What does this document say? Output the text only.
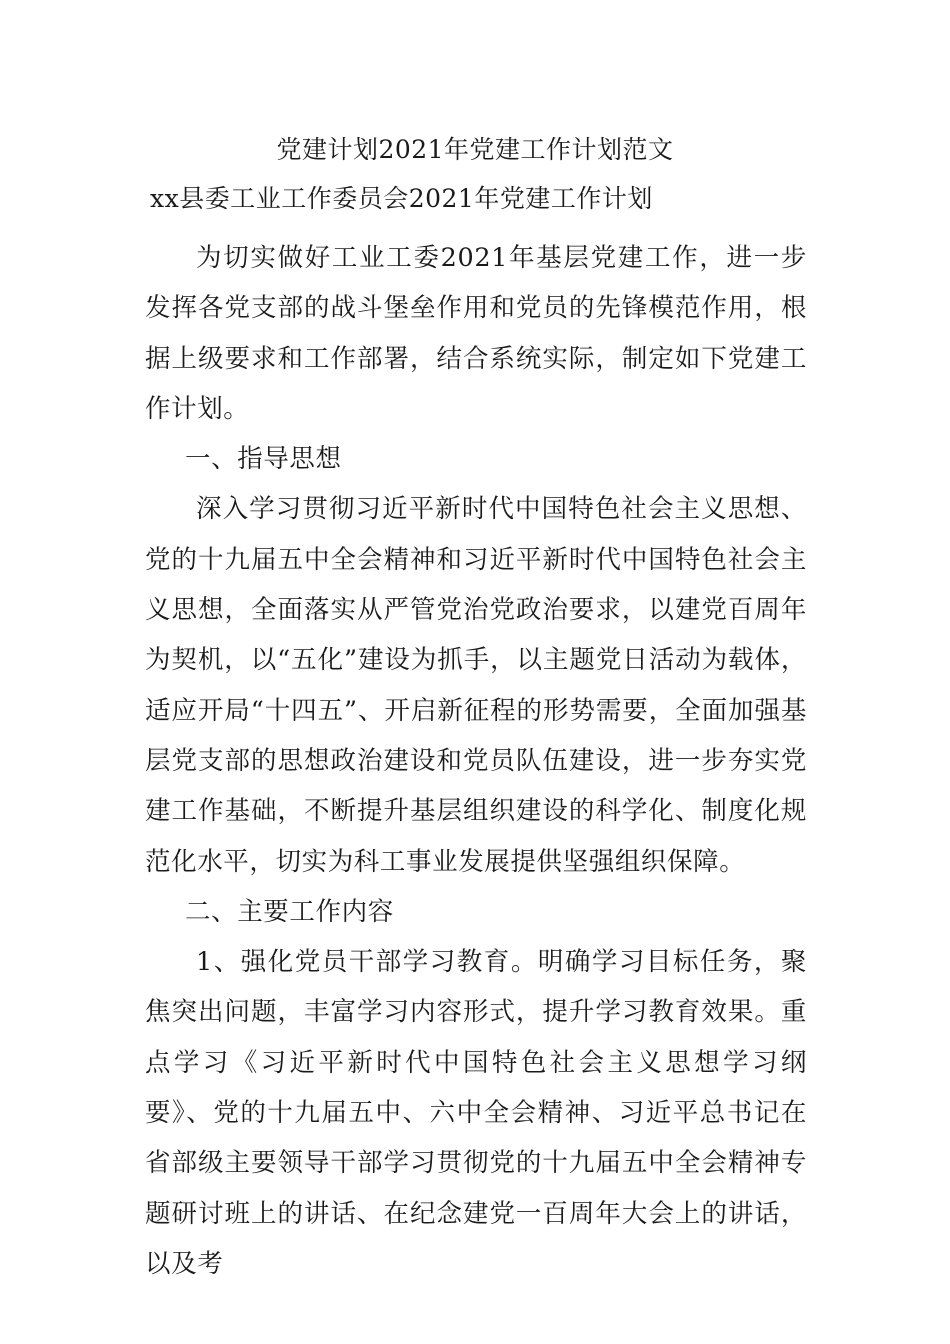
党建计划2021年党建工作计划范文
xx县委工业工作委员会2021年党建工作计划

为切实做好工业工委2021年基层党建工作，进一步发挥各党支部的战斗堡垒作用和党员的先锋模范作用，根据上级要求和工作部署，结合系统实际，制定如下党建工作计划。

一、指导思想

深入学习贯彻习近平新时代中国特色社会主义思想、党的十九届五中全会精神和习近平新时代中国特色社会主义思想，全面落实从严管党治党政治要求，以建党百周年为契机，以“五化”建设为抓手，以主题党日活动为载体，适应开局“十四五”、开启新征程的形势需要，全面加强基层党支部的思想政治建设和党员队伍建设，进一步夯实党建工作基础，不断提升基层组织建设的科学化、制度化规范化水平，切实为科工事业发展提供坚强组织保障。

二、主要工作内容

1、强化党员干部学习教育。明确学习目标任务，聚焦突出问题，丰富学习内容形式，提升学习教育效果。重点学习《习近平新时代中国特色社会主义思想学习纲要》、党的十九届五中、六中全会精神、习近平总书记在省部级主要领导干部学习贯彻党的十九届五中全会精神专题研讨班上的讲话、在纪念建党一百周年大会上的讲话，以及考
